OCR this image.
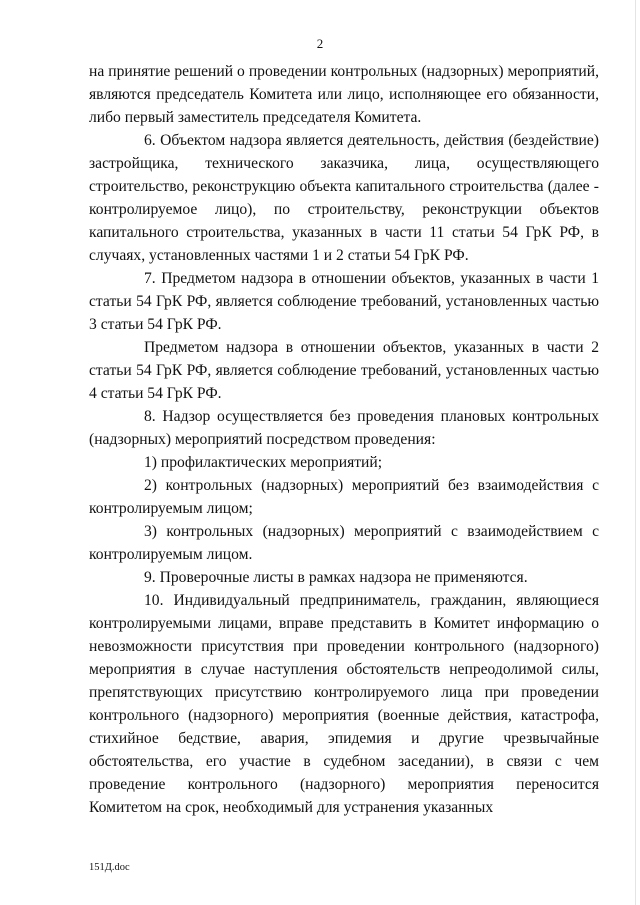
2

на принятие решений о проведении контрольных (надзорных) мероприятий, являются председатель Комитета или лицо, исполняющее его обязанности, либо первый заместитель председателя Комитета.

6. Объектом надзора является деятельность, действия (бездействие) застройщика, технического заказчика, лица, осуществляющего строительство, реконструкцию объекта капитального строительства (далее - контролируемое лицо), по строительству, реконструкции объектов капитального строительства, указанных в части 11 статьи 54 ГрК РФ, в случаях, установленных частями 1 и 2 статьи 54 ГрК РФ.

7. Предметом надзора в отношении объектов, указанных в части 1 статьи 54 ГрК РФ, является соблюдение требований, установленных частью 3 статьи 54 ГрК РФ.

Предметом надзора в отношении объектов, указанных в части 2 статьи 54 ГрК РФ, является соблюдение требований, установленных частью 4 статьи 54 ГрК РФ.

8. Надзор осуществляется без проведения плановых контрольных (надзорных) мероприятий посредством проведения:

1) профилактических мероприятий;

2) контрольных (надзорных) мероприятий без взаимодействия с контролируемым лицом;

3) контрольных (надзорных) мероприятий с взаимодействием с контролируемым лицом.

9. Проверочные листы в рамках надзора не применяются.

10. Индивидуальный предприниматель, гражданин, являющиеся контролируемыми лицами, вправе представить в Комитет информацию о невозможности присутствия при проведении контрольного (надзорного) мероприятия в случае наступления обстоятельств непреодолимой силы, препятствующих присутствию контролируемого лица при проведении контрольного (надзорного) мероприятия (военные действия, катастрофа, стихийное бедствие, авария, эпидемия и другие чрезвычайные обстоятельства, его участие в судебном заседании), в связи с чем проведение контрольного (надзорного) мероприятия переносится Комитетом на срок, необходимый для устранения указанных

151Д.doc
